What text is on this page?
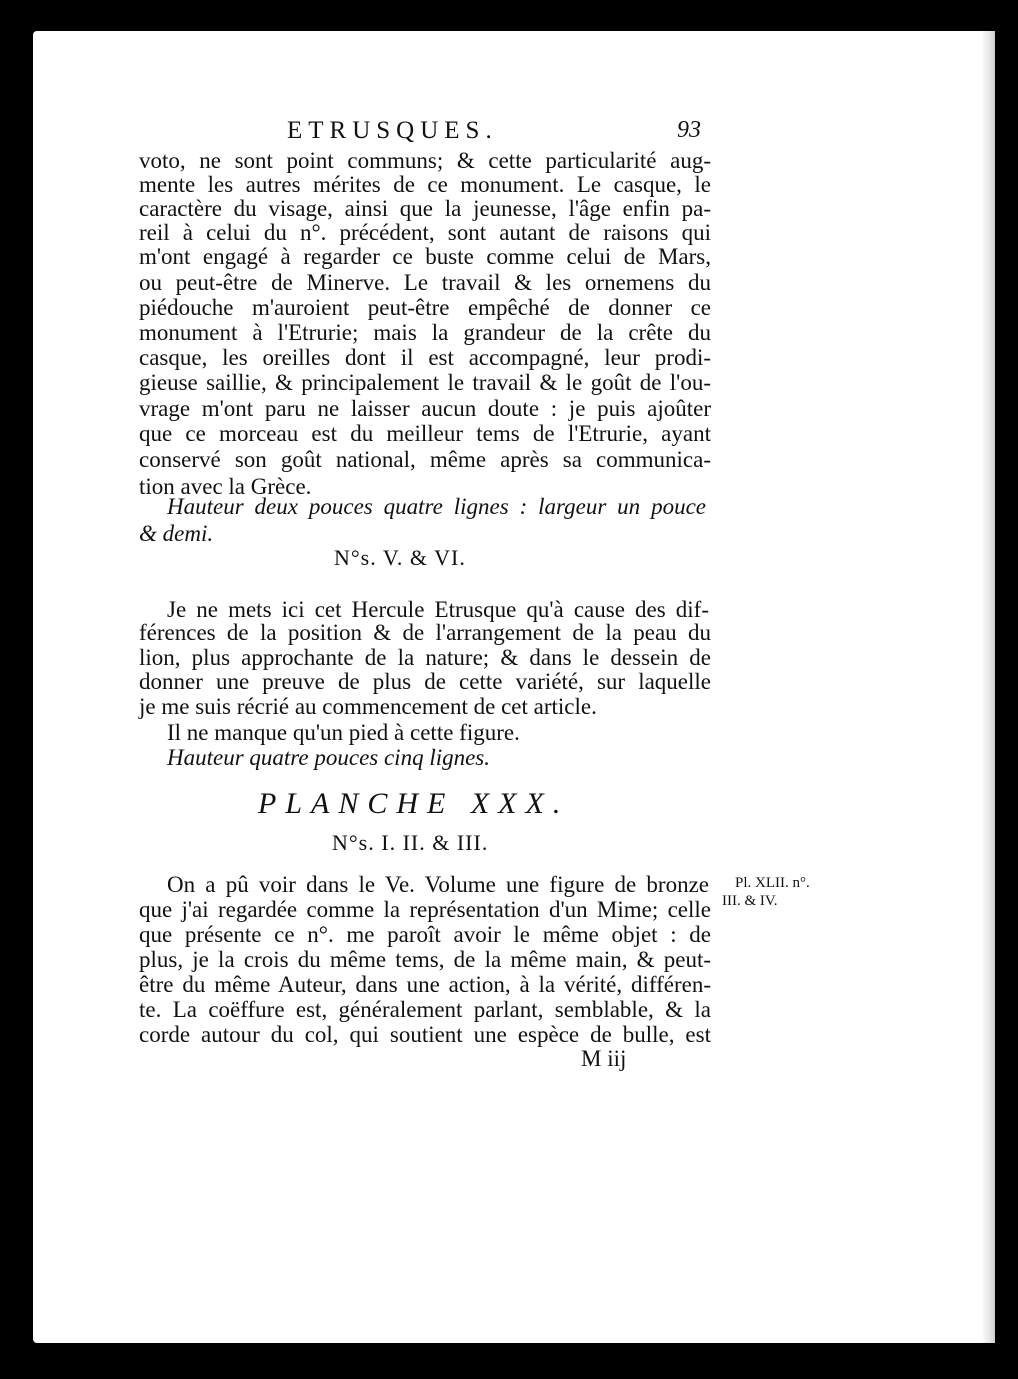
ETRUSQUES.	93
voto, ne sont point communs; & cette particularité aug-
mente les autres mérites de ce monument. Le casque, le
caractère du visage, ainsi que la jeunesse, l'âge enfin pa-
reil à celui du n°. précédent, sont autant de raisons qui
m'ont engagé à regarder ce buste comme celui de Mars,
ou peut-être de Minerve. Le travail & les ornemens du
piédouche m'auroient peut-être empêché de donner ce
monument à l'Etrurie; mais la grandeur de la crête du
casque, les oreilles dont il est accompagné, leur prodi-
gieuse saillie, & principalement le travail & le goût de l'ou-
vrage m'ont paru ne laisser aucun doute : je puis ajoûter
que ce morceau est du meilleur tems de l'Etrurie, ayant
conservé son goût national, même après sa communica-
tion avec la Grèce.
Hauteur deux pouces quatre lignes : largeur un pouce
& demi.
N°s. V. & VI.
Je ne mets ici cet Hercule Etrusque qu'à cause des dif-
férences de la position & de l'arrangement de la peau du
lion, plus approchante de la nature; & dans le dessein de
donner une preuve de plus de cette variété, sur laquelle
je me suis récrié au commencement de cet article.
Il ne manque qu'un pied à cette figure.
Hauteur quatre pouces cinq lignes.
PLANCHE XXX.
N°s. I. II. & III.
On a pû voir dans le Ve. Volume une figure de bronze
que j'ai regardée comme la représentation d'un Mime; celle
que présente ce n°. me paroît avoir le même objet : de
plus, je la crois du même tems, de la même main, & peut-
être du même Auteur, dans une action, à la vérité, différen-
te. La coëffure est, généralement parlant, semblable, & la
corde autour du col, qui soutient une espèce de bulle, est
Pl. XLII. n°.
III. & IV.
M iij
